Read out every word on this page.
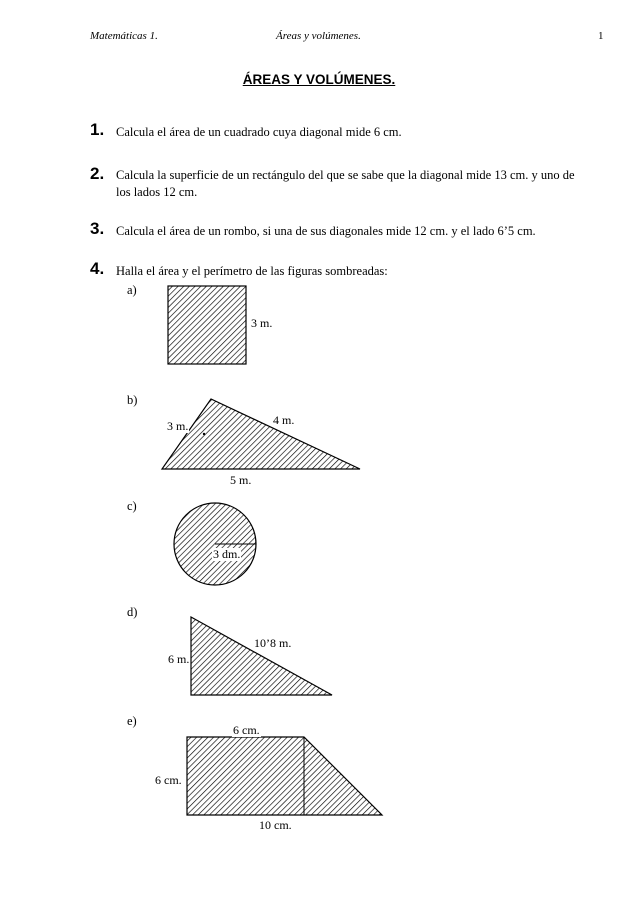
Matemáticas 1.	Áreas y volúmenes.	1
ÁREAS Y VOLÚMENES.
1. Calcula el área de un cuadrado cuya diagonal mide 6 cm.
2. Calcula la superficie de un rectángulo del que se sabe que la diagonal mide 13 cm. y uno de los lados 12 cm.
3. Calcula el área de un rombo, si una de sus diagonales mide 12 cm. y el lado 6’5 cm.
4. Halla el área y el perímetro de las figuras sombreadas:
a)
3 m.
b)
3 m.	4 m.
5 m.
c)
3 dm.
d)
6 m.
10’8 m.
e)
6 cm.
6 cm.
10 cm.
